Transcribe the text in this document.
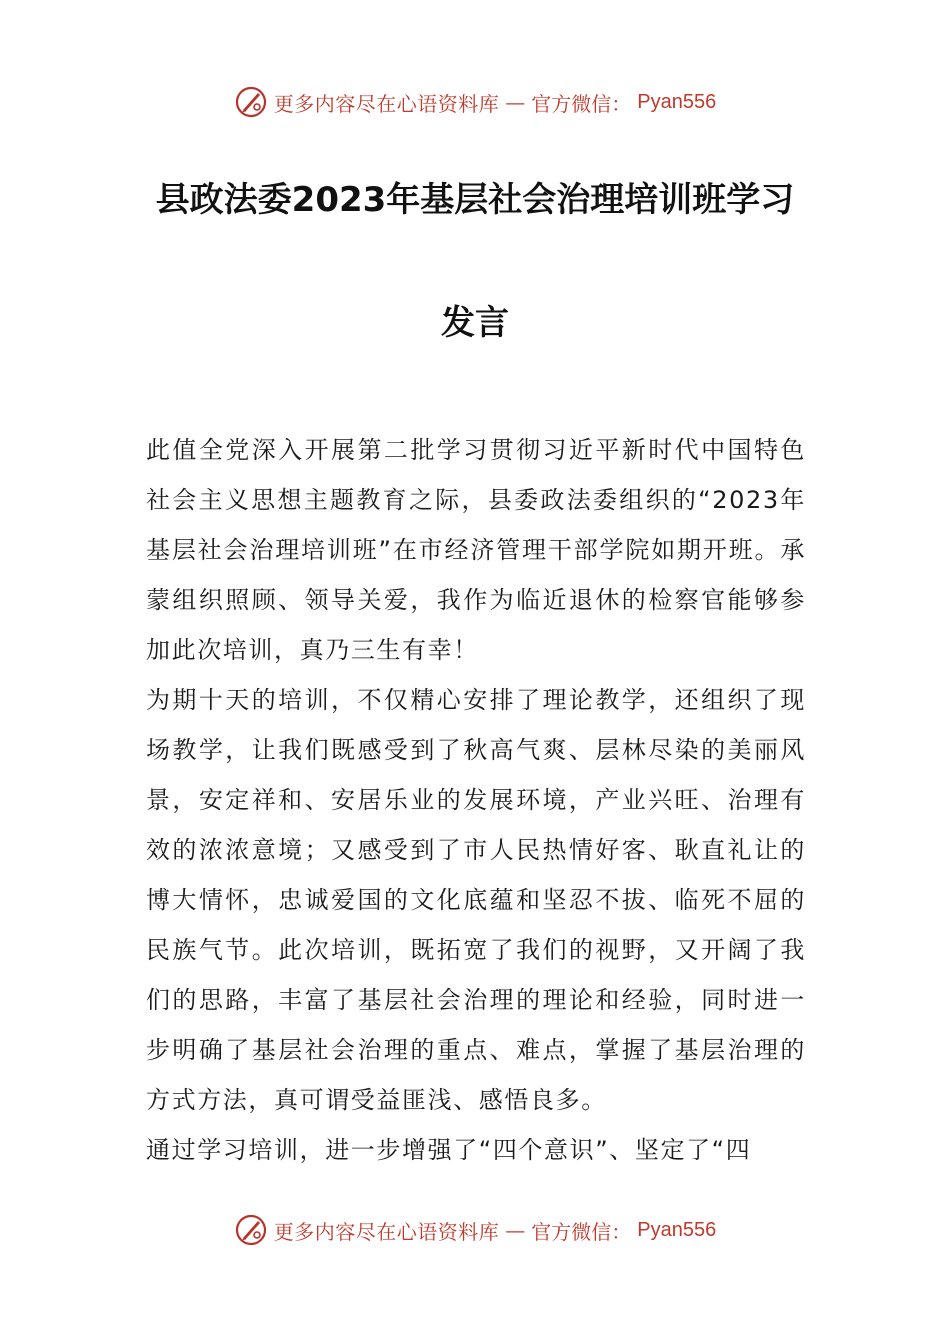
更多内容尽在心语资料库 — 官方微信： Pyan556
县政法委2023年基层社会治理培训班学习
发言

此值全党深入开展第二批学习贯彻习近平新时代中国特色社会主义思想主题教育之际，县委政法委组织的“2023年基层社会治理培训班”在市经济管理干部学院如期开班。承蒙组织照顾、领导关爱，我作为临近退休的检察官能够参加此次培训，真乃三生有幸！

为期十天的培训，不仅精心安排了理论教学，还组织了现场教学，让我们既感受到了秋高气爽、层林尽染的美丽风景，安定祥和、安居乐业的发展环境，产业兴旺、治理有效的浓浓意境；又感受到了市人民热情好客、耿直礼让的博大情怀，忠诚爱国的文化底蕴和坚忍不拔、临死不屈的民族气节。此次培训，既拓宽了我们的视野，又开阔了我们的思路，丰富了基层社会治理的理论和经验，同时进一步明确了基层社会治理的重点、难点，掌握了基层治理的方式方法，真可谓受益匪浅、感悟良多。

通过学习培训，进一步增强了“四个意识”、坚定了“四

更多内容尽在心语资料库 — 官方微信： Pyan556
